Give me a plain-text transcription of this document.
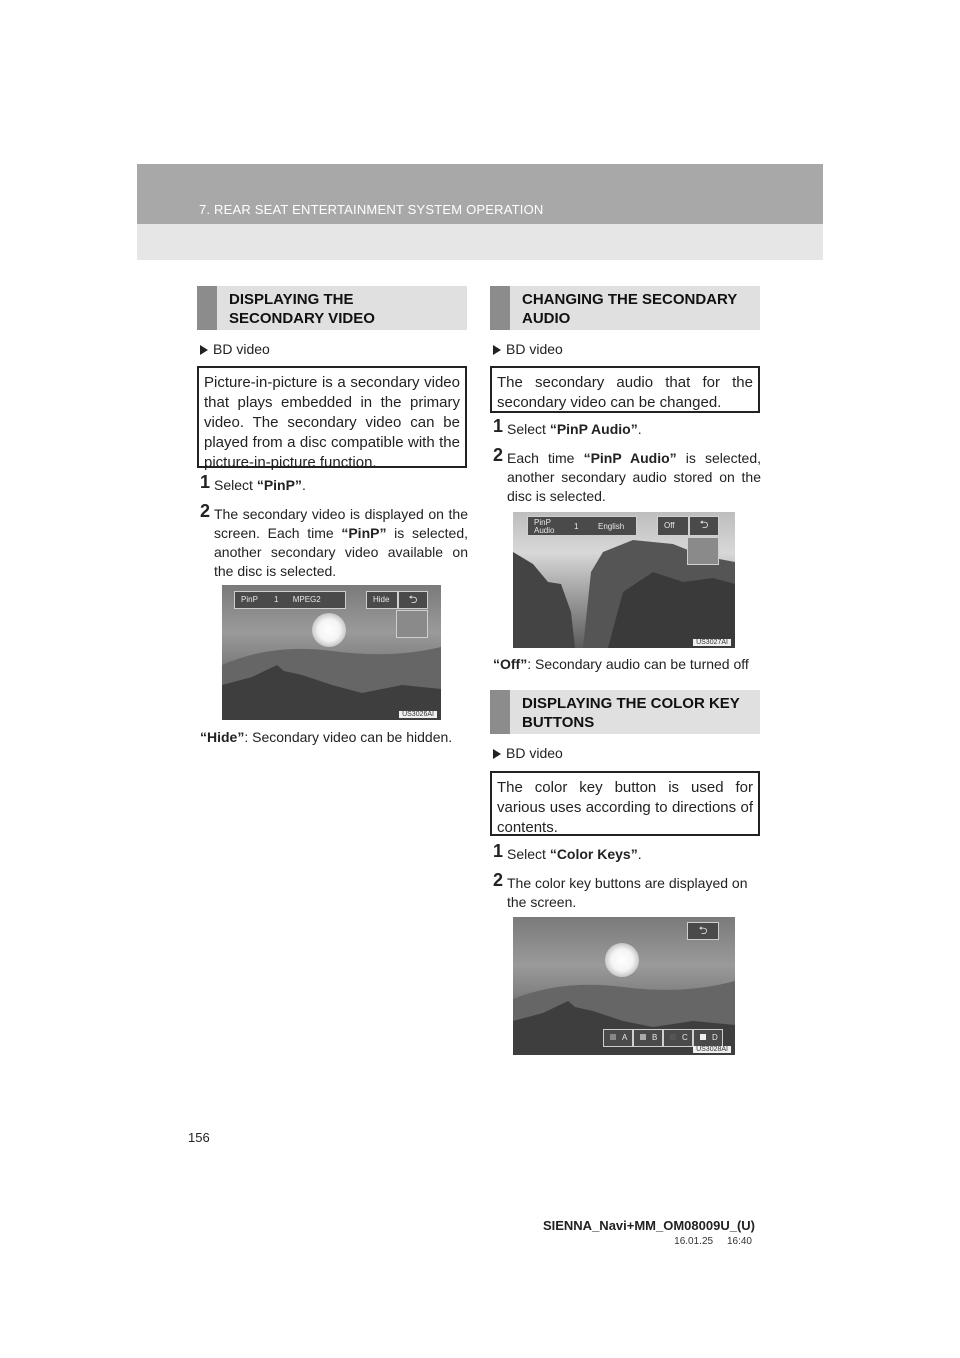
7. REAR SEAT ENTERTAINMENT SYSTEM OPERATION
DISPLAYING THE
SECONDARY VIDEO
BD video
Picture-in-picture is a secondary video that plays embedded in the primary video. The secondary video can be played from a disc compatible with the picture-in-picture function.
1 Select “PinP”.
2 The secondary video is displayed on the screen. Each time “PinP” is selected, another secondary video available on the disc is selected.
PinP 1 MPEG2	Hide	⮌
US3026AI
“Hide”: Secondary video can be hidden.
CHANGING THE SECONDARY
AUDIO
BD video
The secondary audio that for the secondary video can be changed.
1 Select “PinP Audio”.
2 Each time “PinP Audio” is selected, another secondary audio stored on the disc is selected.
PinP
Audio 1 English	Off	⮌
US3027AI
“Off”: Secondary audio can be turned off
DISPLAYING THE COLOR KEY
BUTTONS
BD video
The color key button is used for various uses according to directions of contents.
1 Select “Color Keys”.
2 The color key buttons are displayed on the screen.
⮌
A	B	C	D
US3028AI
156
SIENNA_Navi+MM_OM08009U_(U)
16.01.25     16:40
